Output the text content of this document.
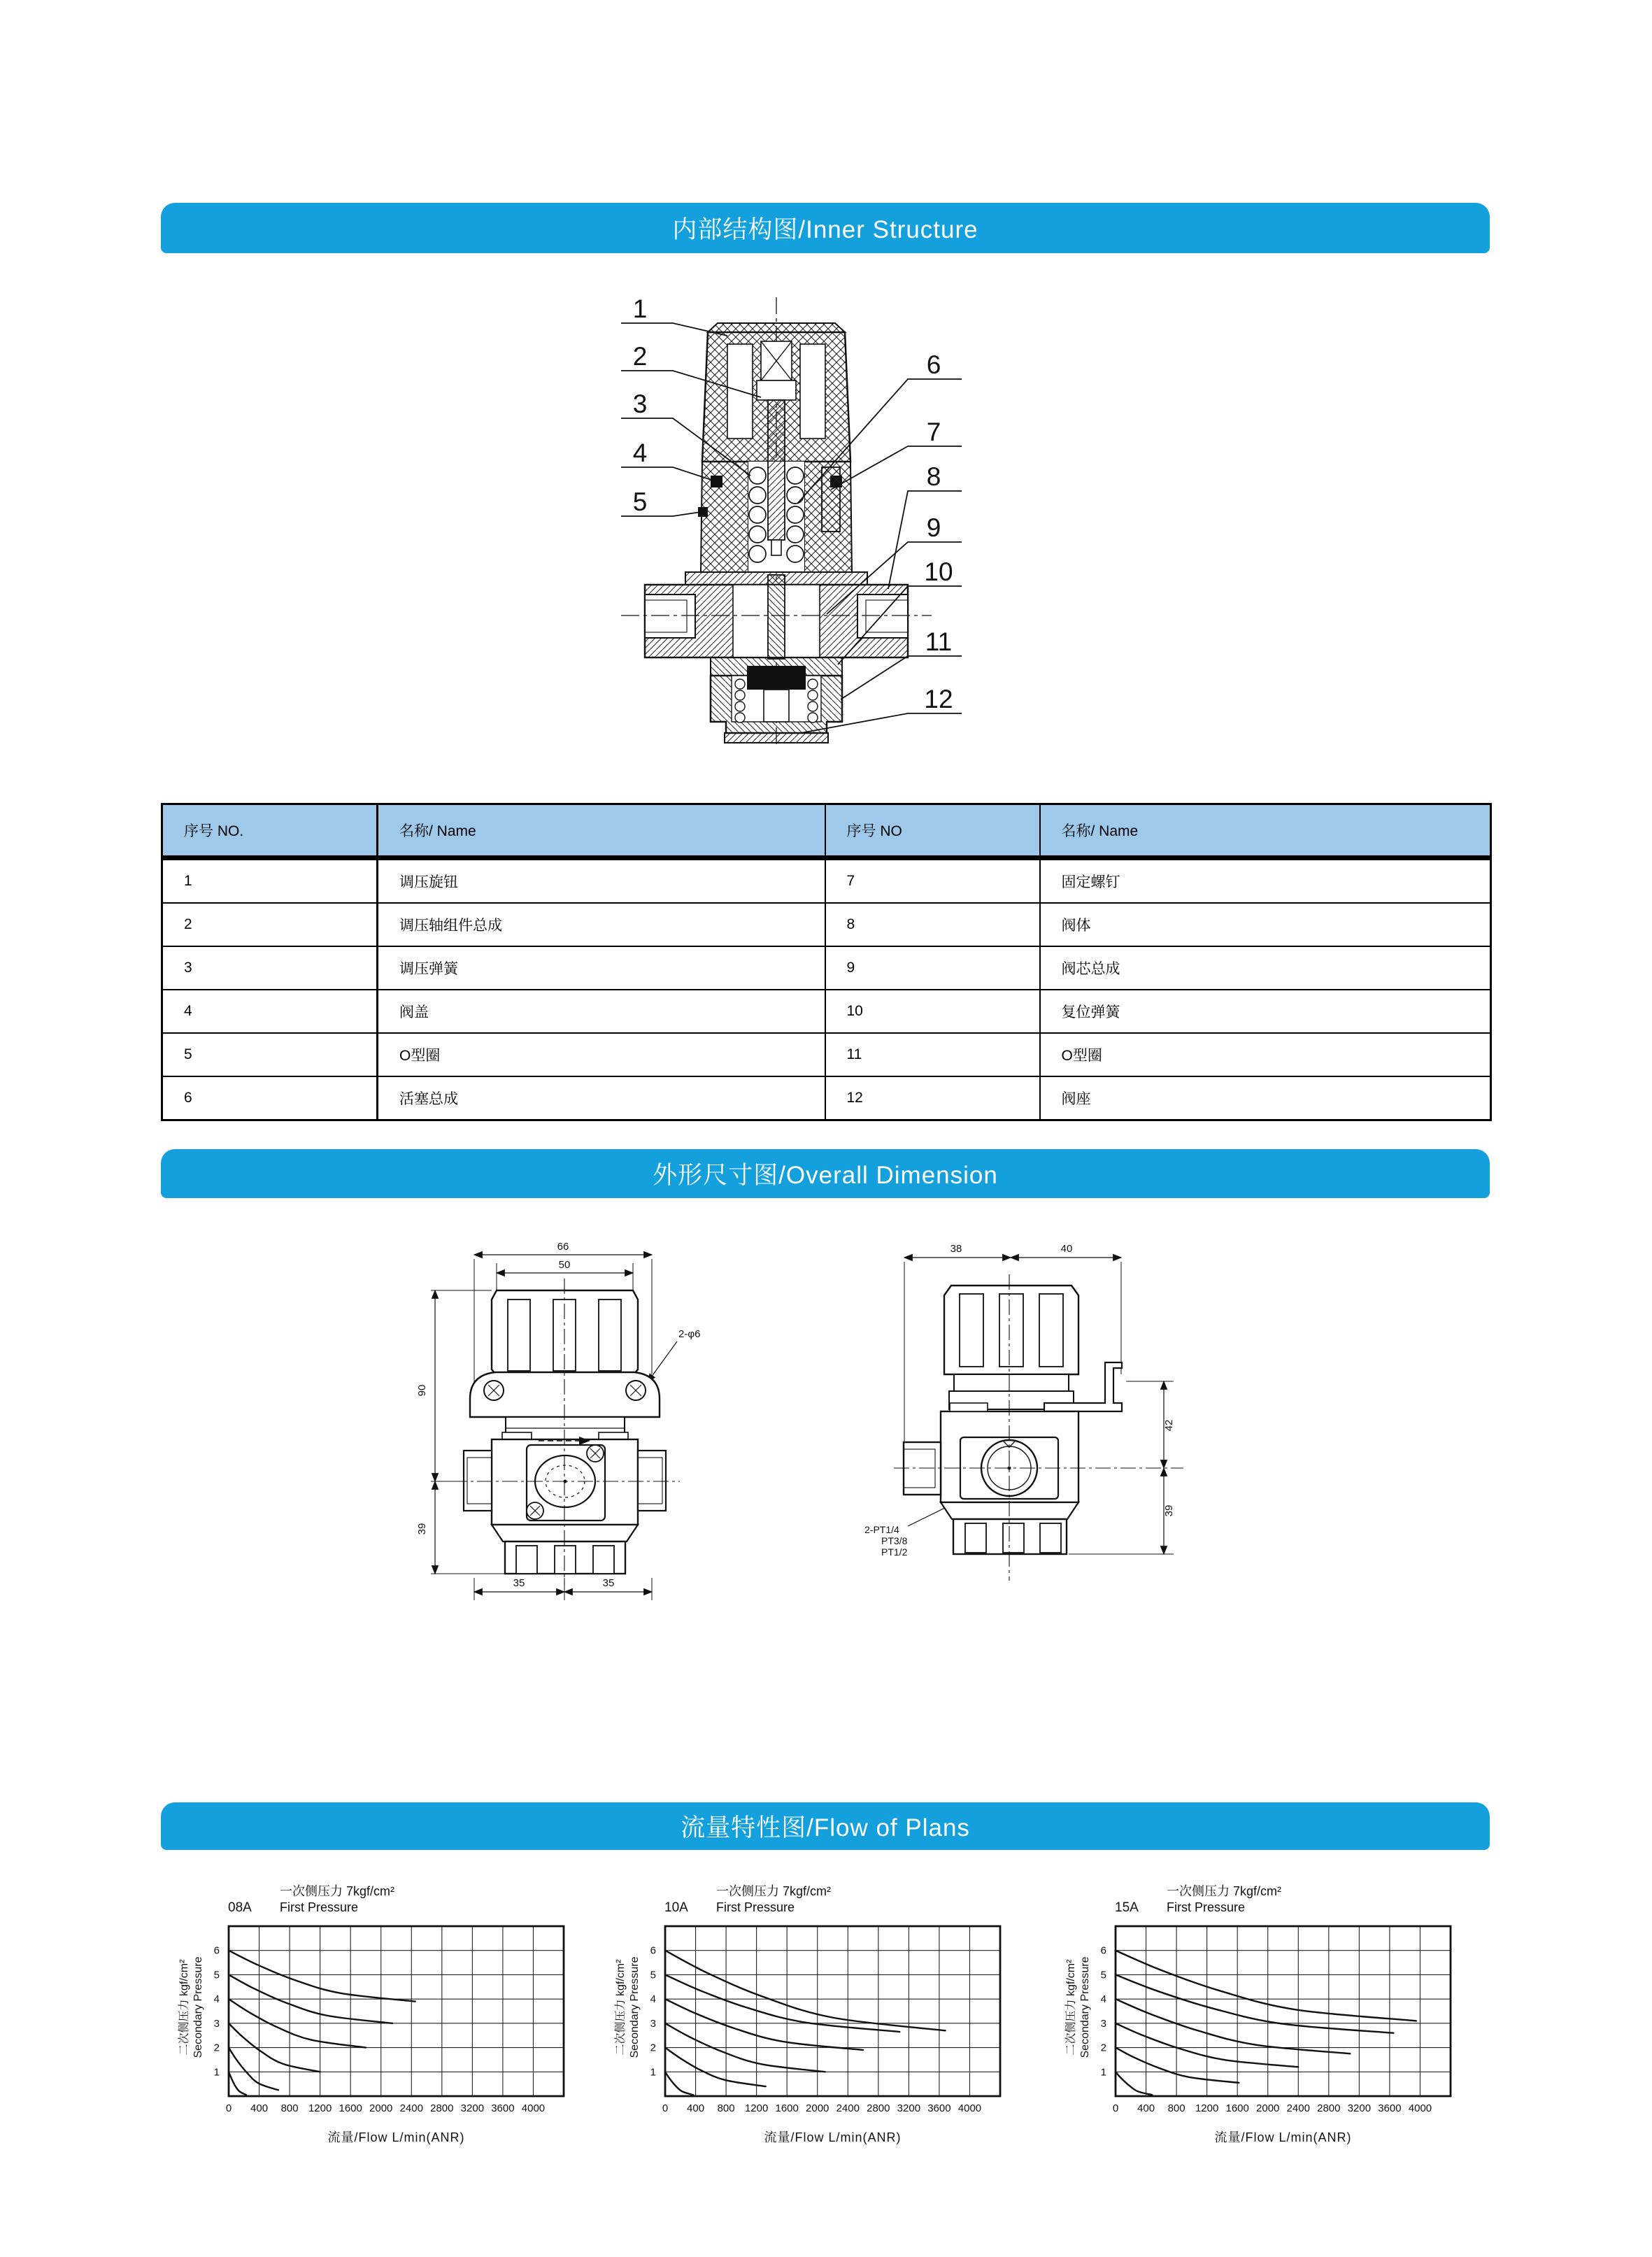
内部结构图/Inner Structure
1
2
3
4
5
6
7
8
9
10
11
12
序号 NO.	名称/ Name	序号 NO	名称/ Name
1	调压旋钮	7	固定螺钉
2	调压轴组件总成	8	阀体
3	调压弹簧	9	阀芯总成
4	阀盖	10	复位弹簧
5	O型圈	11	O型圈
6	活塞总成	12	阀座
外形尺寸图/Overall Dimension
66
50
90
39
2-φ6
35	35
38	40
42
39
2-PT1/4
PT3/8
PT1/2
流量特性图/Flow of Plans
一次侧压力 7kgf/cm²
08A First Pressure
二次侧压力 kgf/cm² Secondary Pressure
0 400 800 1200 1600 2000 2400 2800 3200 3600 4000
1
2
3
4
5
6
流量/Flow L/min(ANR)
一次侧压力 7kgf/cm²
10A First Pressure
二次侧压力 kgf/cm² Secondary Pressure
0 400 800 1200 1600 2000 2400 2800 3200 3600 4000
1
2
3
4
5
6
流量/Flow L/min(ANR)
一次侧压力 7kgf/cm²
15A First Pressure
二次侧压力 kgf/cm² Secondary Pressure
0 400 800 1200 1600 2000 2400 2800 3200 3600 4000
1
2
3
4
5
6
流量/Flow L/min(ANR)
